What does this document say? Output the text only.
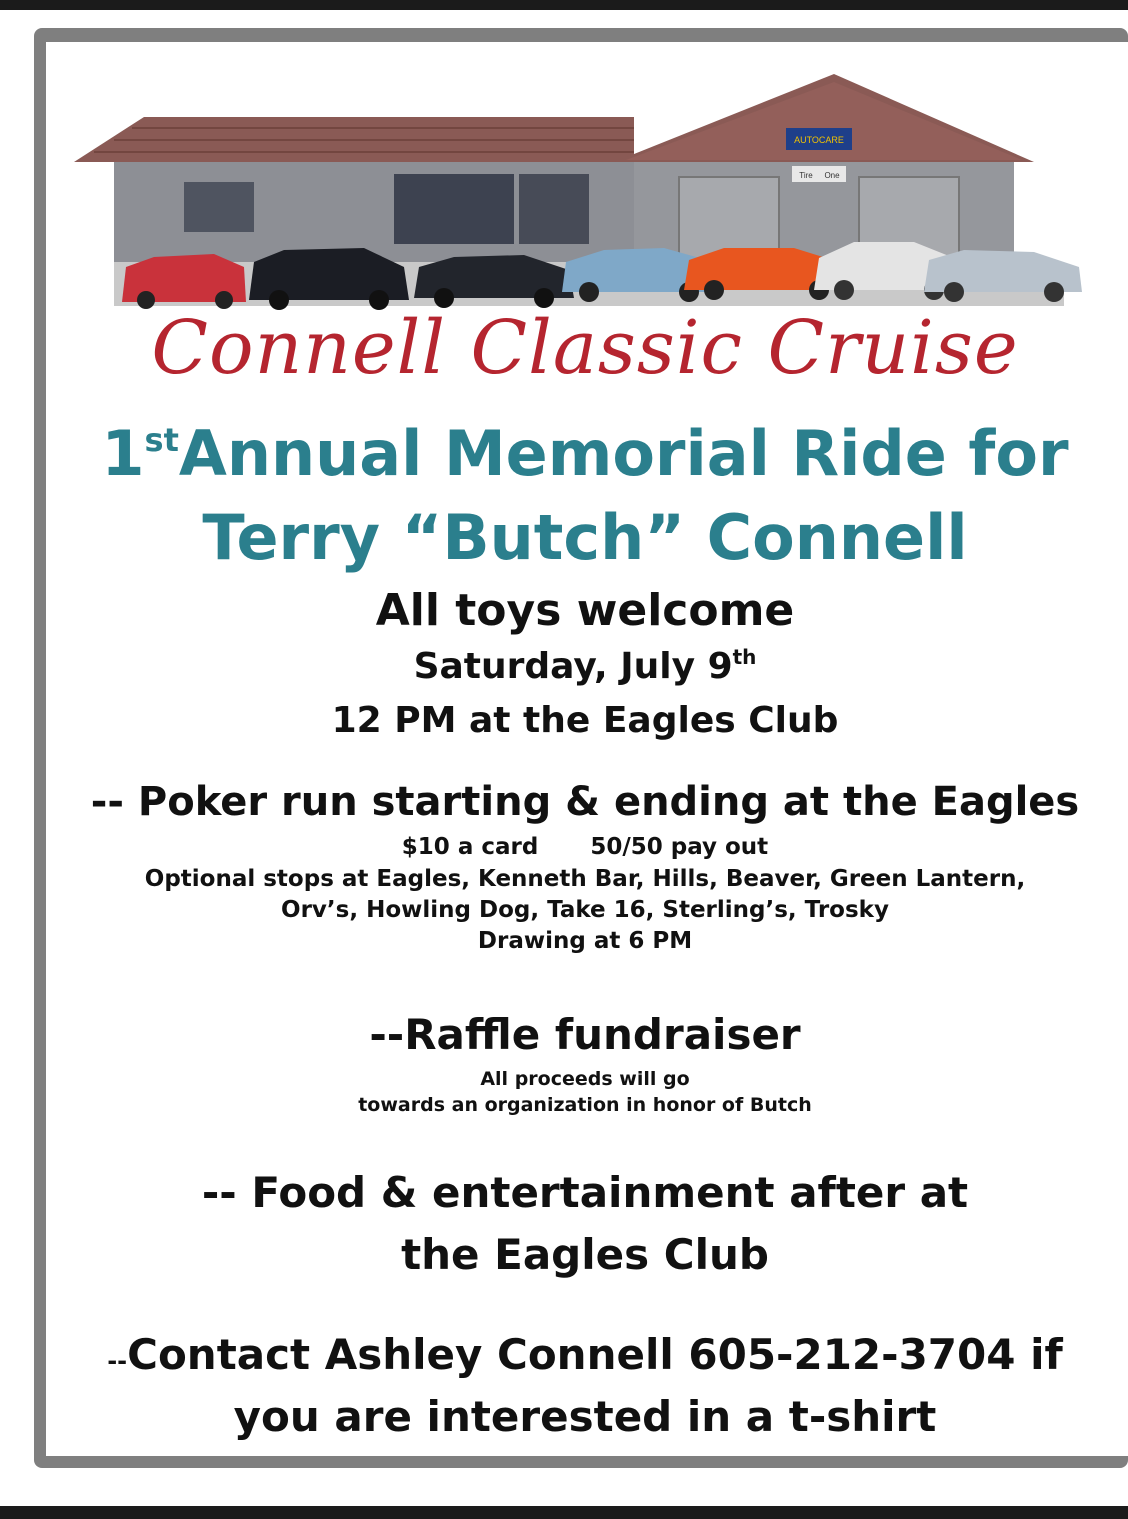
AUTOCARE
Tire One
Connell Classic Cruise
1stAnnual Memorial Ride for
Terry “Butch” Connell
All toys welcome
Saturday, July 9th
12 PM at the Eagles Club
-- Poker run starting & ending at the Eagles
$10 a card 50/50 pay out
Optional stops at Eagles, Kenneth Bar, Hills, Beaver, Green Lantern,
Orv’s, Howling Dog, Take 16, Sterling’s, Trosky
Drawing at 6 PM
--Raffle fundraiser
All proceeds will go
towards an organization in honor of Butch
-- Food & entertainment after at
the Eagles Club
--Contact Ashley Connell 605-212-3704 if
you are interested in a t-shirt
